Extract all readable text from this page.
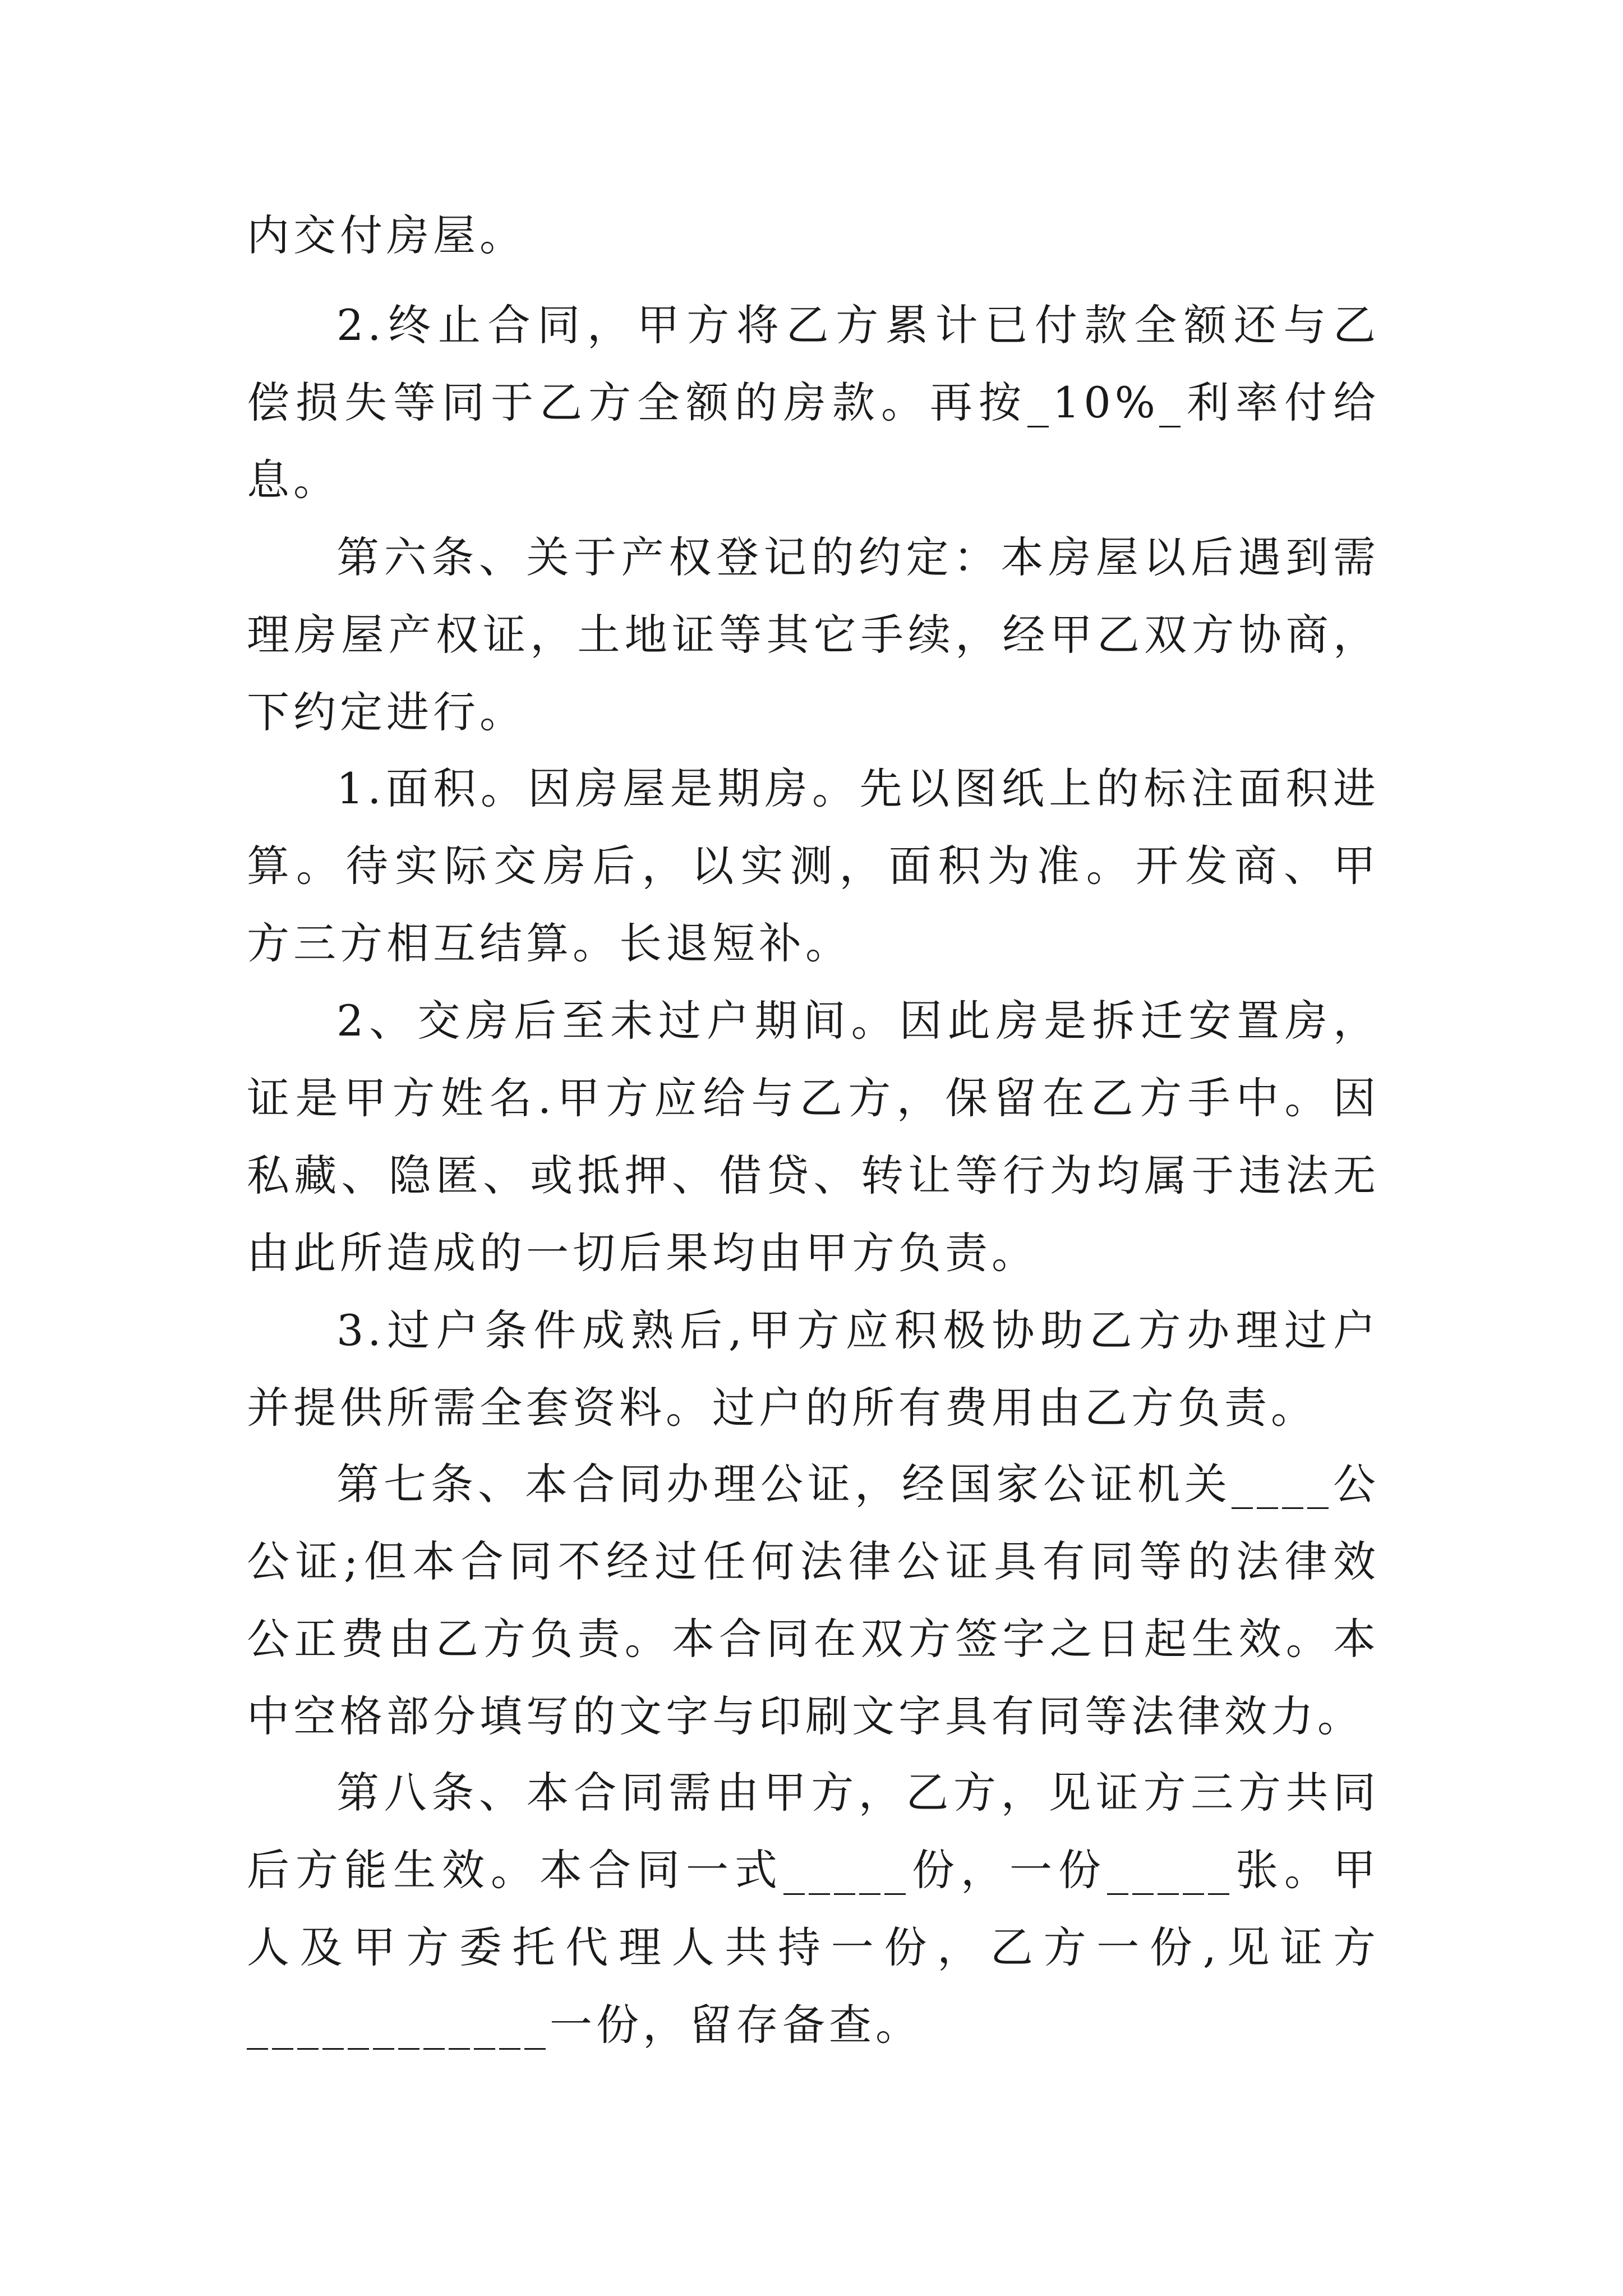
内交付房屋。
2.终止合同，甲方将乙方累计已付款全额还与乙
偿损失等同于乙方全额的房款。再按_10%_利率付给
息。
第六条、关于产权登记的约定：本房屋以后遇到需
理房屋产权证，土地证等其它手续，经甲乙双方协商，
下约定进行。
1.面积。因房屋是期房。先以图纸上的标注面积进
算。待实际交房后，以实测，面积为准。开发商、甲
方三方相互结算。长退短补。
2、交房后至未过户期间。因此房是拆迁安置房，
证是甲方姓名.甲方应给与乙方，保留在乙方手中。因
私藏、隐匿、或抵押、借贷、转让等行为均属于违法无
由此所造成的一切后果均由甲方负责。
3.过户条件成熟后,甲方应积极协助乙方办理过户
并提供所需全套资料。过户的所有费用由乙方负责。
第七条、本合同办理公证，经国家公证机关____公
公证;但本合同不经过任何法律公证具有同等的法律效
公正费由乙方负责。本合同在双方签字之日起生效。本
中空格部分填写的文字与印刷文字具有同等法律效力。
第八条、本合同需由甲方，乙方，见证方三方共同
后方能生效。本合同一式_____份，一份_____张。甲
人及甲方委托代理人共持一份，乙方一份,见证方
____________一份，留存备查。
